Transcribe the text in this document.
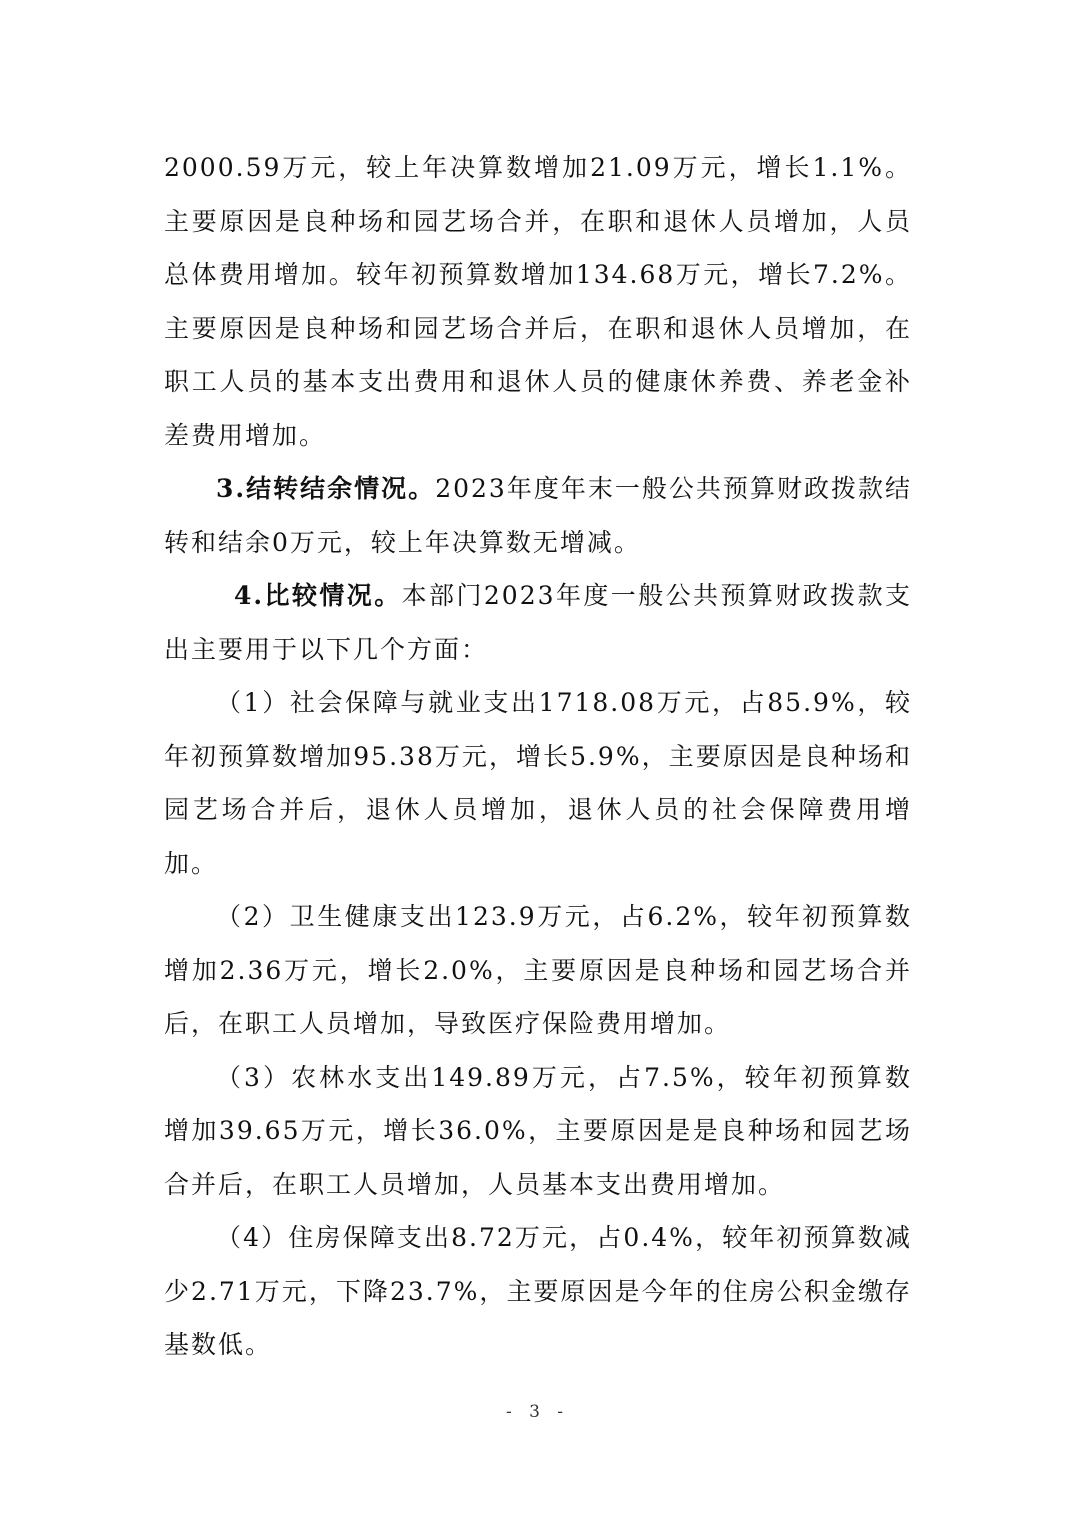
2000.59万元，较上年决算数增加21.09万元，增长1.1%。主要原因是良种场和园艺场合并，在职和退休人员增加，人员总体费用增加。较年初预算数增加134.68万元，增长7.2%。主要原因是良种场和园艺场合并后，在职和退休人员增加，在职工人员的基本支出费用和退休人员的健康休养费、养老金补差费用增加。

3.结转结余情况。2023年度年末一般公共预算财政拨款结转和结余0万元，较上年决算数无增减。

4.比较情况。本部门2023年度一般公共预算财政拨款支出主要用于以下几个方面：

（1）社会保障与就业支出1718.08万元，占85.9%，较年初预算数增加95.38万元，增长5.9%，主要原因是良种场和园艺场合并后，退休人员增加，退休人员的社会保障费用增加。

（2）卫生健康支出123.9万元，占6.2%，较年初预算数增加2.36万元，增长2.0%，主要原因是良种场和园艺场合并后，在职工人员增加，导致医疗保险费用增加。

（3）农林水支出149.89万元，占7.5%，较年初预算数增加39.65万元，增长36.0%，主要原因是是良种场和园艺场合并后，在职工人员增加，人员基本支出费用增加。

（4）住房保障支出8.72万元，占0.4%，较年初预算数减少2.71万元，下降23.7%，主要原因是今年的住房公积金缴存基数低。

- 3 -
